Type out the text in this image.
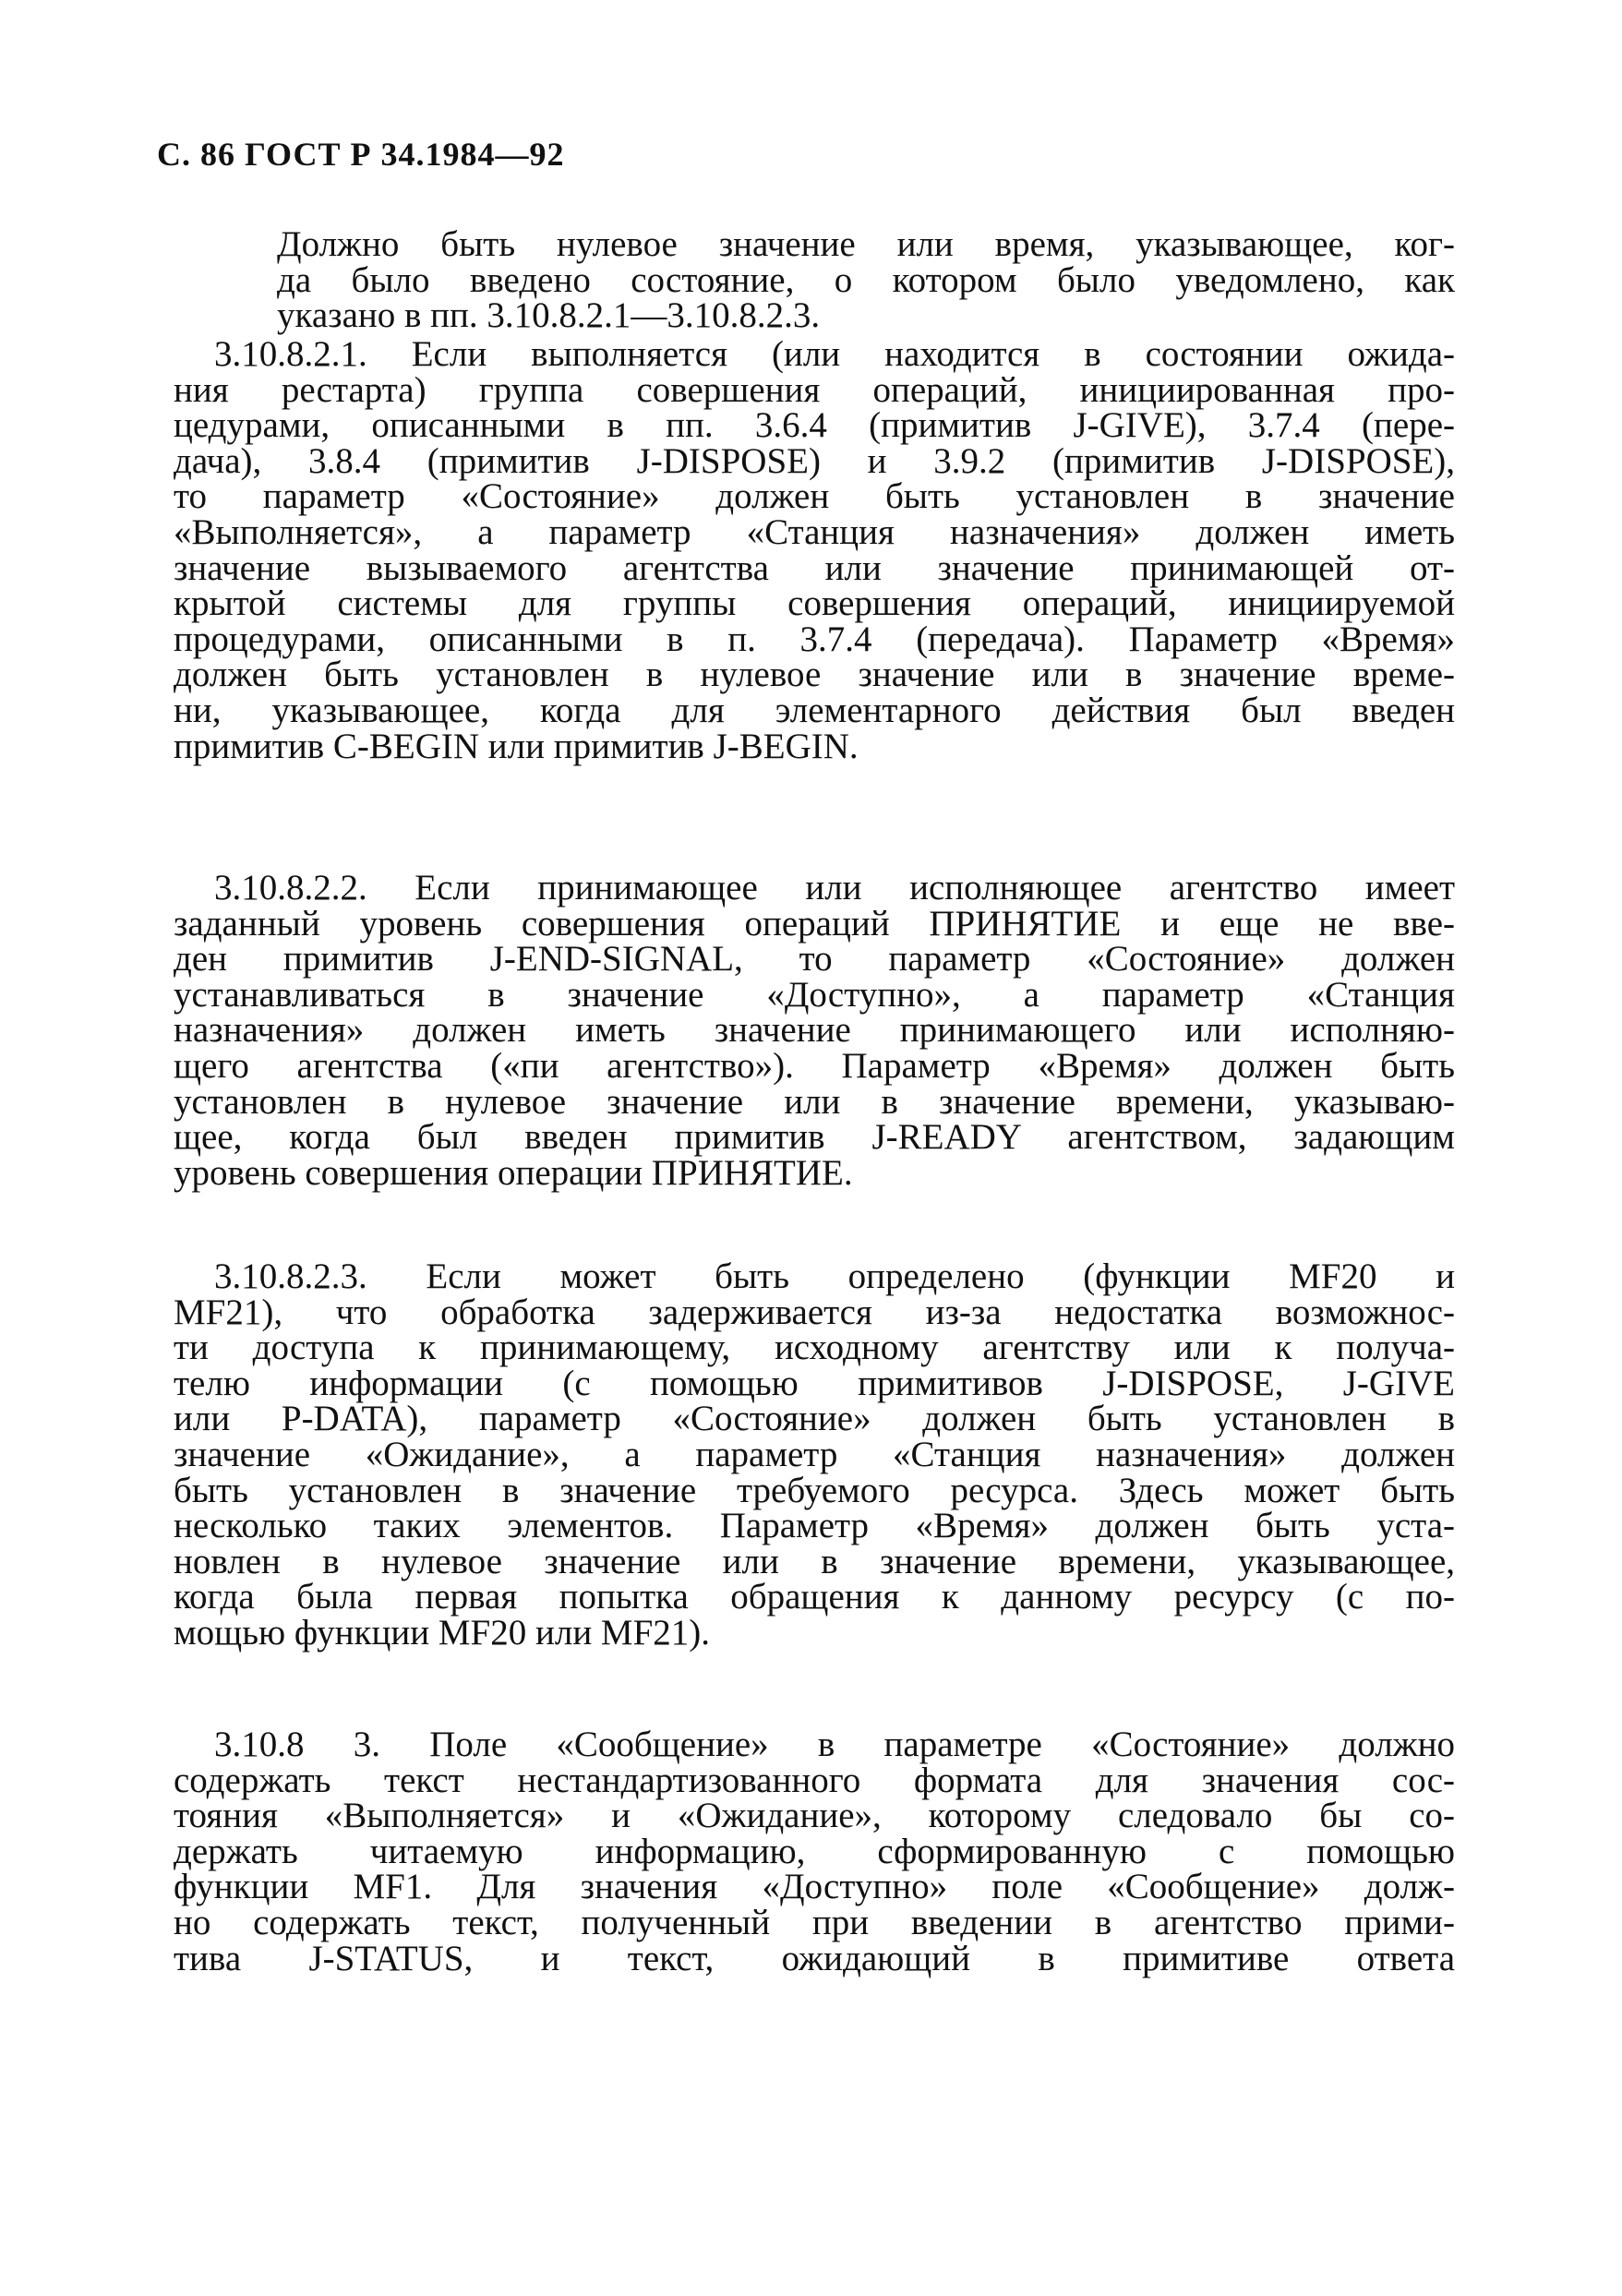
С. 86 ГОСТ Р 34.1984—92
Должно быть нулевое значение или время, указывающее, ког-
да было введено состояние, о котором было уведомлено, как
указано в пп. 3.10.8.2.1—3.10.8.2.3.
3.10.8.2.1. Если выполняется (или находится в состоянии ожида-
ния рестарта) группа совершения операций, инициированная про-
цедурами, описанными в пп. 3.6.4 (примитив J-GIVE), 3.7.4 (пере-
дача), 3.8.4 (примитив J-DISPOSE) и 3.9.2 (примитив J-DISPOSE),
то параметр «Состояние» должен быть установлен в значение
«Выполняется», а параметр «Станция назначения» должен иметь
значение вызываемого агентства или значение принимающей от-
крытой системы для группы совершения операций, инициируемой
процедурами, описанными в п. 3.7.4 (передача). Параметр «Время»
должен быть установлен в нулевое значение или в значение време-
ни, указывающее, когда для элементарного действия был введен
примитив C-BEGIN или примитив J-BEGIN.
3.10.8.2.2. Если принимающее или исполняющее агентство имеет
заданный уровень совершения операций ПРИНЯТИЕ и еще не вве-
ден примитив J-END-SIGNAL, то параметр «Состояние» должен
устанавливаться в значение «Доступно», а параметр «Станция
назначения» должен иметь значение принимающего или исполняю-
щего агентства («пи агентство»). Параметр «Время» должен быть
установлен в нулевое значение или в значение времени, указываю-
щее, когда был введен примитив J-READY агентством, задающим
уровень совершения операции ПРИНЯТИЕ.
3.10.8.2.3. Если может быть определено (функции MF20 и
MF21), что обработка задерживается из-за недостатка возможнос-
ти доступа к принимающему, исходному агентству или к получа-
телю информации (с помощью примитивов J-DISPOSE, J-GIVE
или P-DATA), параметр «Состояние» должен быть установлен в
значение «Ожидание», а параметр «Станция назначения» должен
быть установлен в значение требуемого ресурса. Здесь может быть
несколько таких элементов. Параметр «Время» должен быть уста-
новлен в нулевое значение или в значение времени, указывающее,
когда была первая попытка обращения к данному ресурсу (с по-
мощью функции MF20 или MF21).
3.10.8 3. Поле «Сообщение» в параметре «Состояние» должно
содержать текст нестандартизованного формата для значения сос-
тояния «Выполняется» и «Ожидание», которому следовало бы со-
держать читаемую информацию, сформированную с помощью
функции MF1. Для значения «Доступно» поле «Сообщение» долж-
но содержать текст, полученный при введении в агентство прими-
тива J-STATUS, и текст, ожидающий в примитиве ответа
